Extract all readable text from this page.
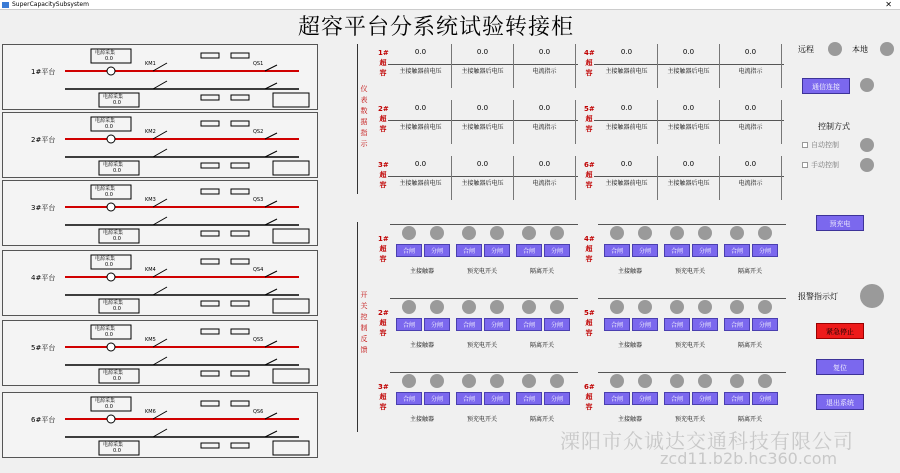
SuperCapacitySubsystem	✕
超容平台分系统试验转接柜
1#平台
电源采集
0.0
电源采集
0.0
KM1	QS1
2#平台
电源采集
0.0
电源采集
0.0
KM2	QS2
3#平台
电源采集
0.0
电源采集
0.0
KM3	QS3
4#平台
电源采集
0.0
电源采集
0.0
KM4	QS4
5#平台
电源采集
0.0
电源采集
0.0
KM5	QS5
6#平台
电源采集
0.0
电源采集
0.0
KM6	QS6
仪表数据指示
1#超容
0.0
主接触器前电压
0.0
主接触器后电压
0.0
电流指示
2#超容
0.0
主接触器前电压
0.0
主接触器后电压
0.0
电流指示
3#超容
0.0
主接触器前电压
0.0
主接触器后电压
0.0
电流指示
4#超容
0.0
主接触器前电压
0.0
主接触器后电压
0.0
电流指示
5#超容
0.0
主接触器前电压
0.0
主接触器后电压
0.0
电流指示
6#超容
0.0
主接触器前电压
0.0
主接触器后电压
0.0
电流指示
开关控制反馈
1#超容
合闸	分闸
主接触器
合闸	分闸
预充电开关
合闸	分闸
隔离开关
2#超容
合闸	分闸
主接触器
合闸	分闸
预充电开关
合闸	分闸
隔离开关
3#超容
合闸	分闸
主接触器
合闸	分闸
预充电开关
合闸	分闸
隔离开关
4#超容
合闸	分闸
主接触器
合闸	分闸
预充电开关
合闸	分闸
隔离开关
5#超容
合闸	分闸
主接触器
合闸	分闸
预充电开关
合闸	分闸
隔离开关
6#超容
合闸	分闸
主接触器
合闸	分闸
预充电开关
合闸	分闸
隔离开关
远程	本地
通信连接
控制方式
自动控制
手动控制
预充电
报警指示灯
紧急停止
复位
退出系统
溧阳市众诚达交通科技有限公司
zcd11.b2b.hc360.com
